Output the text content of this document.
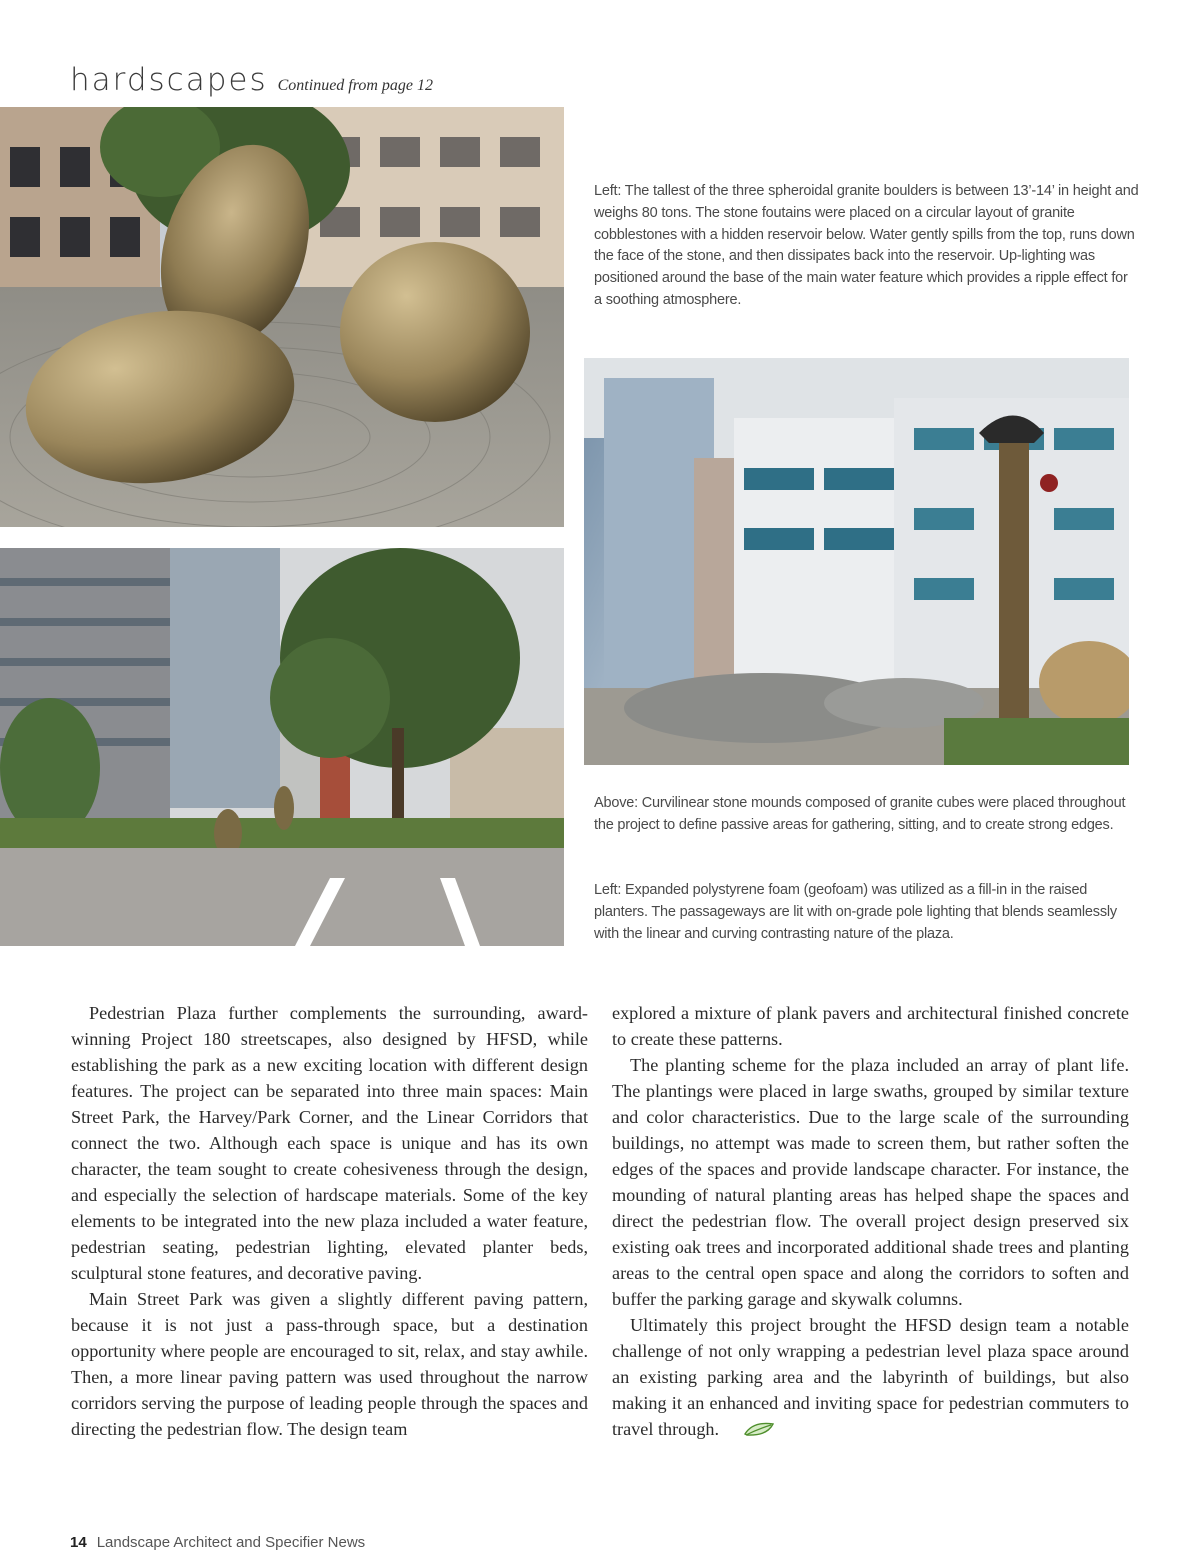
hardscapes Continued from page 12

Left: The tallest of the three spheroidal granite boulders is between 13’-14’ in height and weighs 80 tons. The stone foutains were placed on a circular layout of granite cobblestones with a hidden reservoir below. Water gently spills from the top, runs down the face of the stone, and then dissipates back into the reservoir. Up-lighting was positioned around the base of the main water feature which provides a ripple effect for a soothing atmosphere.

Above: Curvilinear stone mounds composed of granite cubes were placed throughout the project to define passive areas for gathering, sitting, and to create strong edges.

Left: Expanded polystyrene foam (geofoam) was utilized as a fill-in in the raised planters. The passageways are lit with on-grade pole lighting that blends seamlessly with the linear and curving contrasting nature of the plaza.

Pedestrian Plaza further complements the surrounding, award-winning Project 180 streetscapes, also designed by HFSD, while establishing the park as a new exciting location with different design features. The project can be separated into three main spaces: Main Street Park, the Harvey/Park Corner, and the Linear Corridors that connect the two. Although each space is unique and has its own character, the team sought to create cohesiveness through the design, and especially the selection of hardscape materials. Some of the key elements to be integrated into the new plaza included a water feature, pedestrian seating, pedestrian lighting, elevated planter beds, sculptural stone features, and decorative paving.

Main Street Park was given a slightly different paving pattern, because it is not just a pass-through space, but a destination opportunity where people are encouraged to sit, relax, and stay awhile. Then, a more linear paving pattern was used throughout the narrow corridors serving the purpose of leading people through the spaces and directing the pedestrian flow. The design team

explored a mixture of plank pavers and architectural finished concrete to create these patterns.

The planting scheme for the plaza included an array of plant life. The plantings were placed in large swaths, grouped by similar texture and color characteristics. Due to the large scale of the surrounding buildings, no attempt was made to screen them, but rather soften the edges of the spaces and provide landscape character. For instance, the mounding of natural planting areas has helped shape the spaces and direct the pedestrian flow. The overall project design preserved six existing oak trees and incorporated additional shade trees and planting areas to the central open space and along the corridors to soften and buffer the parking garage and skywalk columns.

Ultimately this project brought the HFSD design team a notable challenge of not only wrapping a pedestrian level plaza space around an existing parking area and the labyrinth of buildings, but also making it an enhanced and inviting space for pedestrian commuters to travel through.

14 Landscape Architect and Specifier News
